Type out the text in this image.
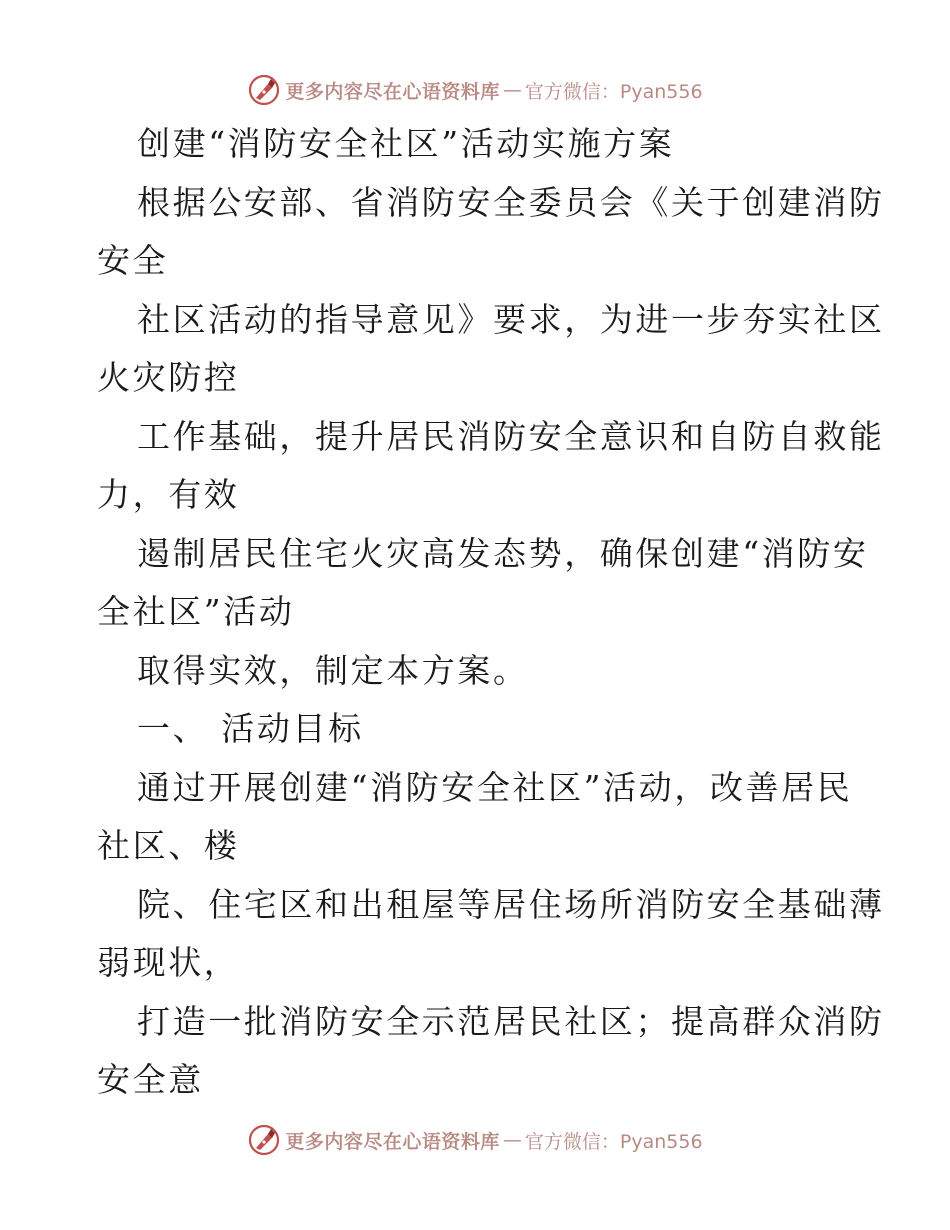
更多内容尽在心语资料库 — 官方微信：Pyan556
创建“消防安全社区”活动实施方案
根据公安部、省消防安全委员会《关于创建消防
安全
社区活动的指导意见》要求，为进一步夯实社区
火灾防控
工作基础，提升居民消防安全意识和自防自救能
力，有效
遏制居民住宅火灾高发态势，确保创建“消防安
全社区”活动
取得实效，制定本方案。
一、 活动目标
通过开展创建“消防安全社区”活动，改善居民
社区、楼
院、住宅区和出租屋等居住场所消防安全基础薄
弱现状，
打造一批消防安全示范居民社区；提高群众消防
安全意
更多内容尽在心语资料库 — 官方微信：Pyan556
